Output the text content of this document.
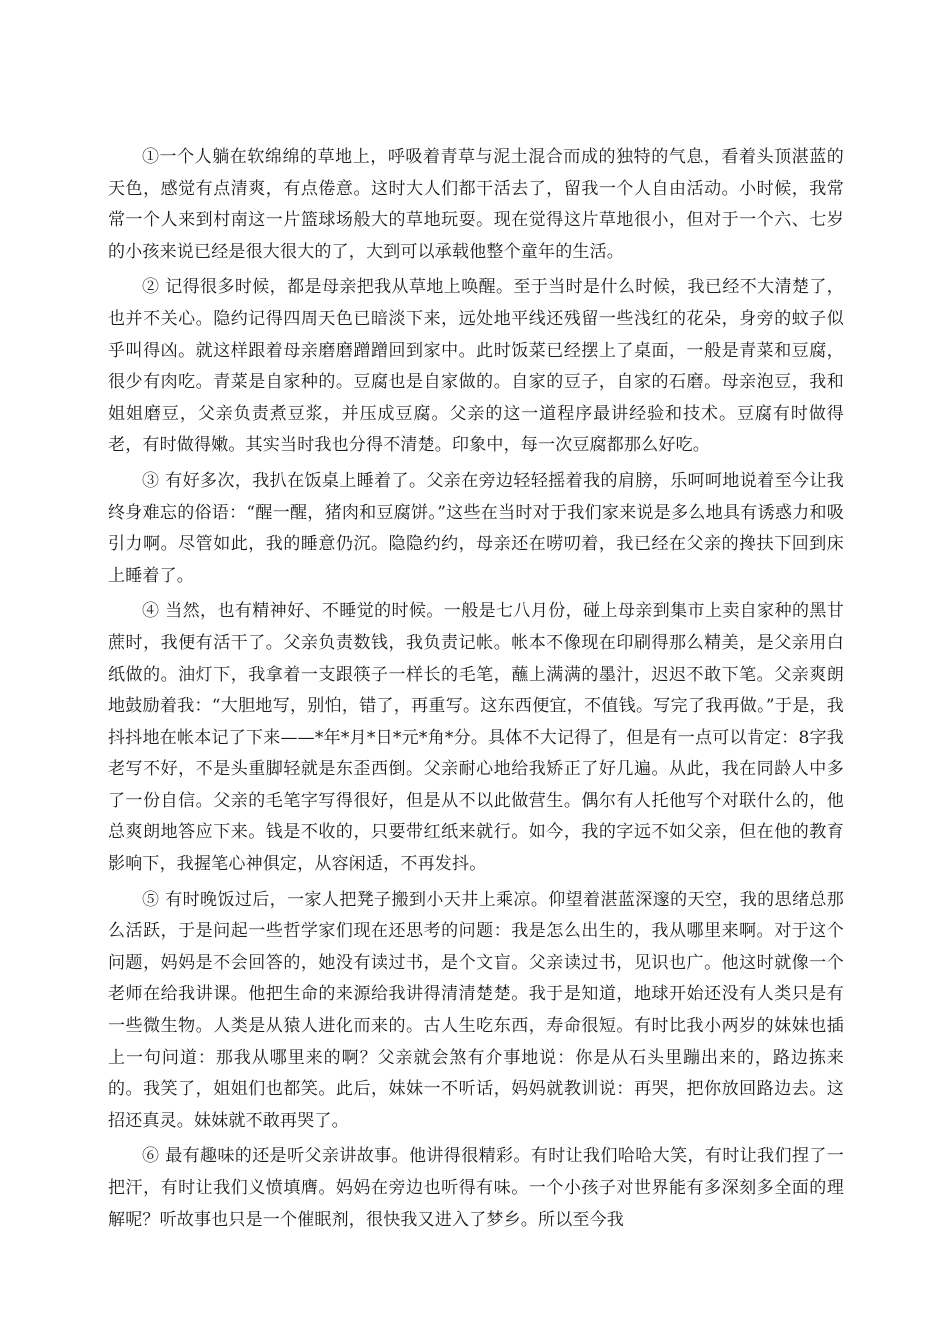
①一个人躺在软绵绵的草地上，呼吸着青草与泥土混合而成的独特的气息，看着头顶湛蓝的天色，感觉有点清爽，有点倦意。这时大人们都干活去了，留我一个人自由活动。小时候，我常常一个人来到村南这一片篮球场般大的草地玩耍。现在觉得这片草地很小，但对于一个六、七岁的小孩来说已经是很大很大的了，大到可以承载他整个童年的生活。

② 记得很多时候，都是母亲把我从草地上唤醒。至于当时是什么时候，我已经不大清楚了，也并不关心。隐约记得四周天色已暗淡下来，远处地平线还残留一些浅红的花朵，身旁的蚊子似乎叫得凶。就这样跟着母亲磨磨蹭蹭回到家中。此时饭菜已经摆上了桌面，一般是青菜和豆腐，很少有肉吃。青菜是自家种的。豆腐也是自家做的。自家的豆子，自家的石磨。母亲泡豆，我和姐姐磨豆，父亲负责煮豆浆，并压成豆腐。父亲的这一道程序最讲经验和技术。豆腐有时做得老，有时做得嫩。其实当时我也分得不清楚。印象中，每一次豆腐都那么好吃。

③ 有好多次，我扒在饭桌上睡着了。父亲在旁边轻轻摇着我的肩膀，乐呵呵地说着至今让我终身难忘的俗语：“醒一醒，猪肉和豆腐饼。”这些在当时对于我们家来说是多么地具有诱惑力和吸引力啊。尽管如此，我的睡意仍沉。隐隐约约，母亲还在唠叨着，我已经在父亲的搀扶下回到床上睡着了。

④ 当然，也有精神好、不睡觉的时候。一般是七八月份，碰上母亲到集市上卖自家种的黑甘蔗时，我便有活干了。父亲负责数钱，我负责记帐。帐本不像现在印刷得那么精美，是父亲用白纸做的。油灯下，我拿着一支跟筷子一样长的毛笔，蘸上满满的墨汁，迟迟不敢下笔。父亲爽朗地鼓励着我：“大胆地写，别怕，错了，再重写。这东西便宜，不值钱。写完了我再做。”于是，我抖抖地在帐本记了下来——*年*月*日*元*角*分。具体不大记得了，但是有一点可以肯定：8字我老写不好，不是头重脚轻就是东歪西倒。父亲耐心地给我矫正了好几遍。从此，我在同龄人中多了一份自信。父亲的毛笔字写得很好，但是从不以此做营生。偶尔有人托他写个对联什么的，他总爽朗地答应下来。钱是不收的，只要带红纸来就行。如今，我的字远不如父亲，但在他的教育影响下，我握笔心神俱定，从容闲适，不再发抖。

⑤ 有时晚饭过后，一家人把凳子搬到小天井上乘凉。仰望着湛蓝深邃的天空，我的思绪总那么活跃，于是问起一些哲学家们现在还思考的问题：我是怎么出生的，我从哪里来啊。对于这个问题，妈妈是不会回答的，她没有读过书，是个文盲。父亲读过书，见识也广。他这时就像一个老师在给我讲课。他把生命的来源给我讲得清清楚楚。我于是知道，地球开始还没有人类只是有一些微生物。人类是从猿人进化而来的。古人生吃东西，寿命很短。有时比我小两岁的妹妹也插上一句问道：那我从哪里来的啊？父亲就会煞有介事地说：你是从石头里蹦出来的，路边拣来的。我笑了，姐姐们也都笑。此后，妹妹一不听话，妈妈就教训说：再哭，把你放回路边去。这招还真灵。妹妹就不敢再哭了。

⑥ 最有趣味的还是听父亲讲故事。他讲得很精彩。有时让我们哈哈大笑，有时让我们捏了一把汗，有时让我们义愤填膺。妈妈在旁边也听得有味。一个小孩子对世界能有多深刻多全面的理解呢？听故事也只是一个催眠剂，很快我又进入了梦乡。所以至今我
